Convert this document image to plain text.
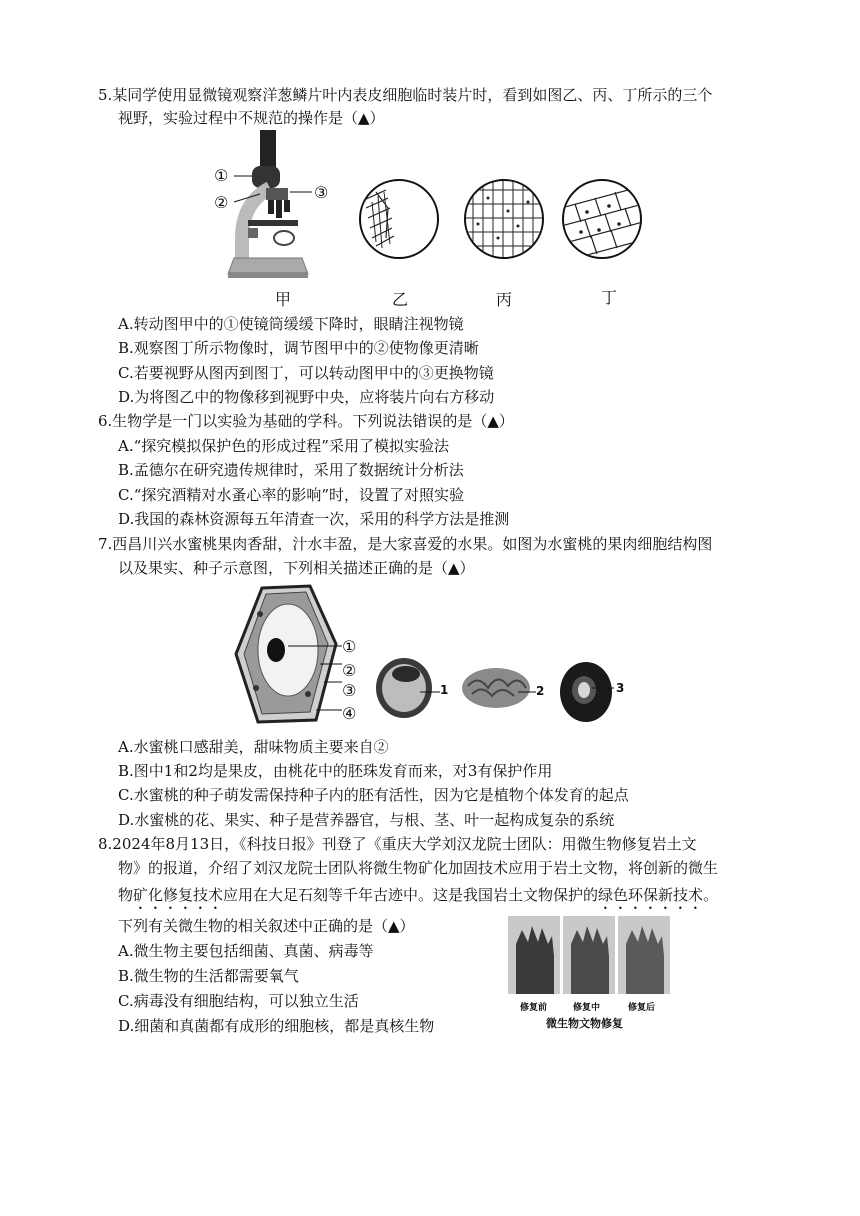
5.某同学使用显微镜观察洋葱鳞片叶内表皮细胞临时装片时，看到如图乙、丙、丁所示的三个
视野，实验过程中不规范的操作是（▲）
①
②
③
甲	乙	丙	丁
A.转动图甲中的①使镜筒缓缓下降时，眼睛注视物镜
B.观察图丁所示物像时，调节图甲中的②使物像更清晰
C.若要视野从图丙到图丁，可以转动图甲中的③更换物镜
D.为将图乙中的物像移到视野中央，应将装片向右方移动
6.生物学是一门以实验为基础的学科。下列说法错误的是（▲）
A.“探究模拟保护色的形成过程”采用了模拟实验法
B.孟德尔在研究遗传规律时，采用了数据统计分析法
C.“探究酒精对水蚤心率的影响”时，设置了对照实验
D.我国的森林资源每五年清查一次，采用的科学方法是推测
7.西昌川兴水蜜桃果肉香甜，汁水丰盈，是大家喜爱的水果。如图为水蜜桃的果肉细胞结构图
以及果实、种子示意图，下列相关描述正确的是（▲）
①
②
③
④
1	2	3
A.水蜜桃口感甜美，甜味物质主要来自②
B.图中1和2均是果皮，由桃花中的胚珠发育而来，对3有保护作用
C.水蜜桃的种子萌发需保持种子内的胚有活性，因为它是植物个体发育的起点
D.水蜜桃的花、果实、种子是营养器官，与根、茎、叶一起构成复杂的系统
8.2024年8月13日，《科技日报》刊登了《重庆大学刘汉龙院士团队：用微生物修复岩土文
物》的报道，介绍了刘汉龙院士团队将微生物矿化加固技术应用于岩土文物，将创新的微生
物矿化修复技术应用在大足石刻等千年古迹中。这是我国岩土文物保护的绿色环保新技术。
下列有关微生物的相关叙述中正确的是（▲）
A.微生物主要包括细菌、真菌、病毒等
B.微生物的生活都需要氧气
C.病毒没有细胞结构，可以独立生活
D.细菌和真菌都有成形的细胞核，都是真核生物
修复前	修复中	修复后
微生物文物修复
